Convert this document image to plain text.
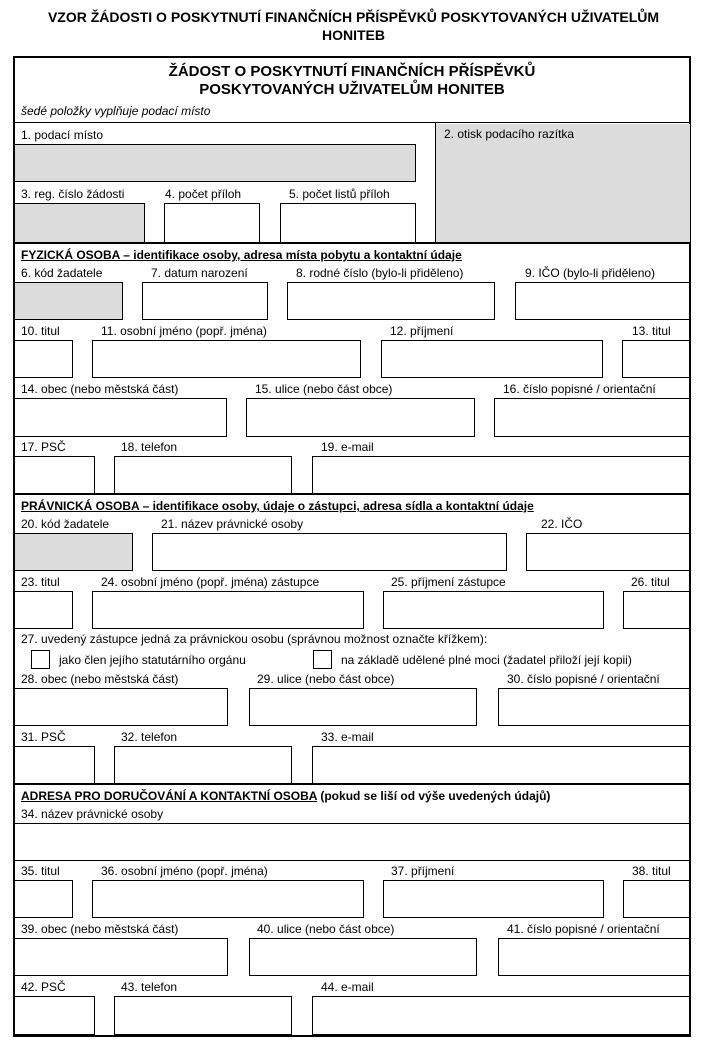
VZOR ŽÁDOSTI O POSKYTNUTÍ FINANČNÍCH PŘÍSPĚVKŮ POSKYTOVANÝCH UŽIVATELŮM
HONITEB
ŽÁDOST O POSKYTNUTÍ FINANČNÍCH PŘÍSPĚVKŮ
POSKYTOVANÝCH UŽIVATELŮM HONITEB
šedé položky vyplňuje podací místo
1. podací místo	2. otisk podacího razítka
3. reg. číslo žádosti	4. počet příloh	5. počet listů příloh
FYZICKÁ OSOBA – identifikace osoby, adresa místa pobytu a kontaktní údaje
6. kód žadatele	7. datum narození	8. rodné číslo (bylo-li přiděleno)	9. IČO (bylo-li přiděleno)
10. titul	11. osobní jméno (popř. jména)	12. příjmení	13. titul
14. obec (nebo městská část)	15. ulice (nebo část obce)	16. číslo popisné / orientační
17. PSČ	18. telefon	19. e-mail
PRÁVNICKÁ OSOBA – identifikace osoby, údaje o zástupci, adresa sídla a kontaktní údaje
20. kód žadatele	21. název právnické osoby	22. IČO
23. titul	24. osobní jméno (popř. jména) zástupce	25. příjmení zástupce	26. titul
27. uvedený zástupce jedná za právnickou osobu (správnou možnost označte křížkem):
jako člen jejího statutárního orgánu	na základě udělené plné moci (žadatel přiloží její kopii)
28. obec (nebo městská část)	29. ulice (nebo část obce)	30. číslo popisné / orientační
31. PSČ	32. telefon	33. e-mail
ADRESA PRO DORUČOVÁNÍ A KONTAKTNÍ OSOBA (pokud se liší od výše uvedených údajů)
34. název právnické osoby
35. titul	36. osobní jméno (popř. jména)	37. příjmení	38. titul
39. obec (nebo městská část)	40. ulice (nebo část obce)	41. číslo popisné / orientační
42. PSČ	43. telefon	44. e-mail
